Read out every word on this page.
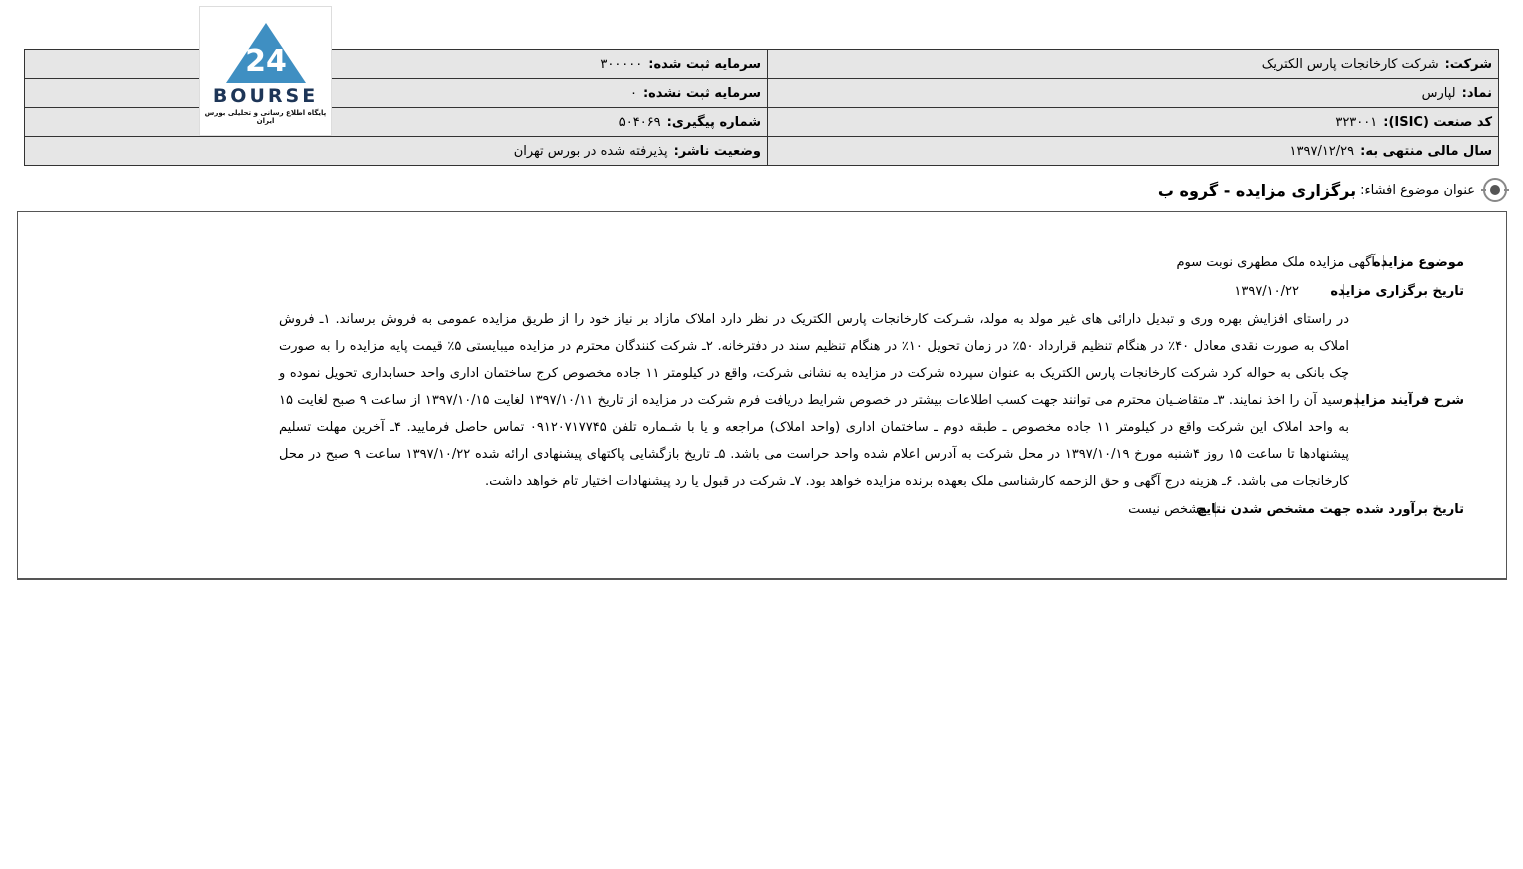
شرکت:شرکت کارخانجات پارس الکتریک	سرمایه ثبت شده:۳۰۰۰۰۰
نماد:لپارس	سرمایه ثبت نشده:۰
کد صنعت (ISIC):۳۲۳۰۰۱	شماره پیگیری:۵۰۴۰۶۹
سال مالی منتهی به:۱۳۹۷/۱۲/۲۹	وضعیت ناشر:پذیرفته شده در بورس تهران
24
BOURSE
پایگاه اطلاع رسانی و تحلیلی بورس ایران
عنوان موضوع افشاء:
برگزاری مزایده - گروه ب
موضوع مزایده
آگهی مزایده ملک مطهری نوبت سوم
تاریخ برگزاری مزایده
۱۳۹۷/۱۰/۲۲
شرح فرآیند مزایده
در راستای افزایش بهره وری و تبدیل دارائی های غیر مولد به مولد، شـرکت کارخانجات پارس الکتریک در نظر دارد املاک مازاد بر نیاز خود را از طریق مزایده عمومی به فروش برساند. ۱ـ فروش املاک به صورت نقدی معادل ۴۰٪ در هنگام تنظیم قرارداد ۵۰٪ در زمان تحویل ۱۰٪ در هنگام تنظیم سند در دفترخانه. ۲ـ شرکت کنندگان محترم در مزایده میبایستی ۵٪ قیمت پایه مزایده را به صورت چک بانکی به حواله کرد شرکت کارخانجات پارس الکتریک به عنوان سپرده شرکت در مزایده به نشانی شرکت، واقع در کیلومتر ۱۱ جاده مخصوص کرج ساختمان اداری واحد حسابداری تحویل نموده و رسید آن را اخذ نمایند. ۳ـ متقاضـیان محترم می توانند جهت کسب اطلاعات بیشتر در خصوص شرایط دریافت فرم شرکت در مزایده از تاریخ ۱۳۹۷/۱۰/۱۱ لغایت ۱۳۹۷/۱۰/۱۵ از ساعت ۹ صبح لغایت ۱۵ به واحد املاک این شرکت واقع در کیلومتر ۱۱ جاده مخصوص ـ طبقه دوم ـ ساختمان اداری (واحد املاک) مراجعه و یا با شـماره تلفن ۰۹۱۲۰۷۱۷۷۴۵ تماس حاصل فرمایید. ۴ـ آخرین مهلت تسلیم پیشنهادها تا ساعت ۱۵ روز ۴شنبه مورخ ۱۳۹۷/۱۰/۱۹ در محل شرکت به آدرس اعلام شده واحد حراست می باشد. ۵ـ تاریخ بازگشایی پاکتهای پیشنهادی ارائه شده ۱۳۹۷/۱۰/۲۲ ساعت ۹ صبح در محل کارخانجات می باشد. ۶ـ هزینه درج آگهی و حق الزحمه کارشناسی ملک بعهده برنده مزایده خواهد بود. ۷ـ شرکت در قبول یا رد پیشنهادات اختیار تام خواهد داشت.
تاریخ برآورد شده جهت مشخص شدن نتایج
مشخص نیست
